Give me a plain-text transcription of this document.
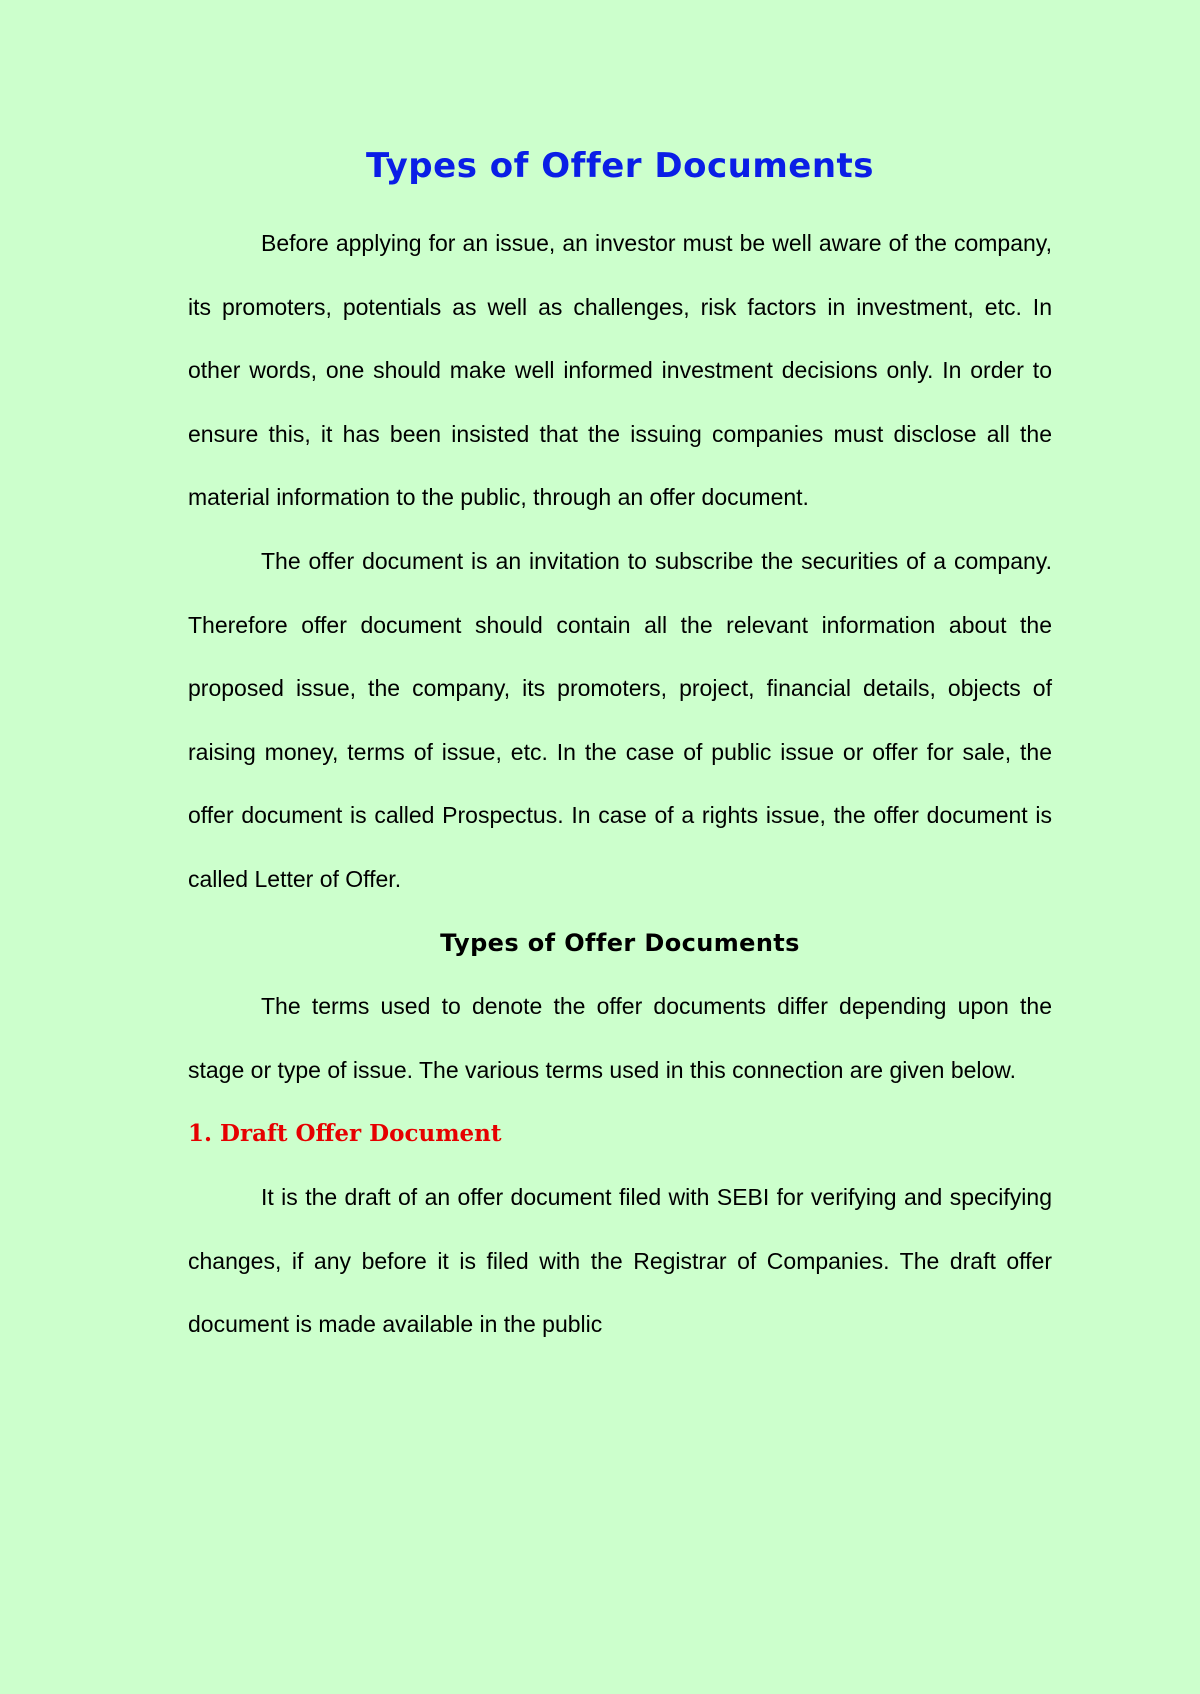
Types of Offer Documents

Before applying for an issue, an investor must be well aware of the company, its promoters, potentials as well as challenges, risk factors in investment, etc. In other words, one should make well informed investment decisions only. In order to ensure this, it has been insisted that the issuing companies must disclose all the material information to the public, through an offer document.

The offer document is an invitation to subscribe the securities of a company. Therefore offer document should contain all the relevant information about the proposed issue, the company, its promoters, project, financial details, objects of raising money, terms of issue, etc. In the case of public issue or offer for sale, the offer document is called Prospectus. In case of a rights issue, the offer document is called Letter of Offer.

Types of Offer Documents

The terms used to denote the offer documents differ depending upon the stage or type of issue. The various terms used in this connection are given below.

1. Draft Offer Document

It is the draft of an offer document filed with SEBI for verifying and specifying changes, if any before it is filed with the Registrar of Companies. The draft offer document is made available in the public
